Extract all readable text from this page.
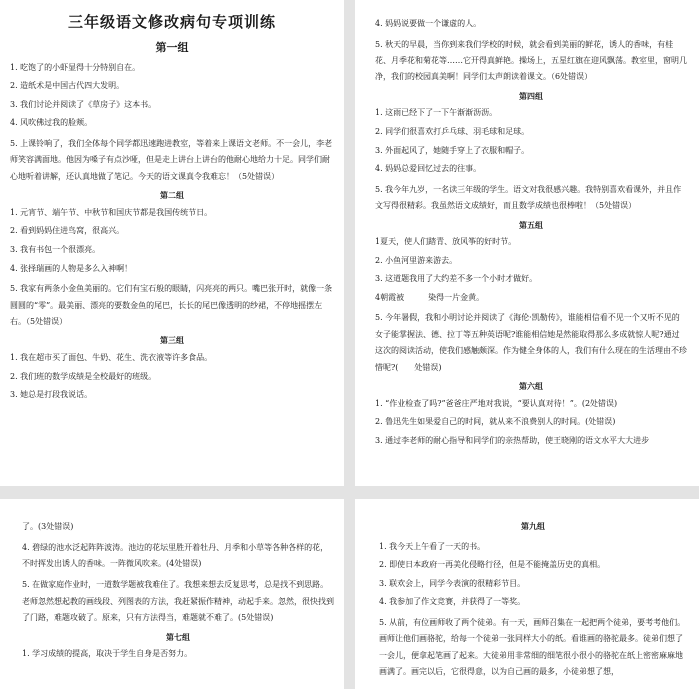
三年级语文修改病句专项训练
第一组
1. 吃饱了的小虾显得十分特别自在。
2. 造纸术是中国古代四大发明。
3. 我们讨论并阅读了《草房子》这本书。
4. 风吹佛过我的脸颊。
5. 上课铃响了，我们全体每个同学都迅速跑进教室，等着来上课语文老师。不一会儿，李老师笑容满面地。他因为嗓子有点沙哑，但是走上讲台上讲台的他耐心地给力十足。同学们耐心地听着讲解，还认真地做了笔记。今天的语文课真令我难忘！（5处错误）
第二组
1. 元宵节、端午节、中秋节和国庆节都是我国传统节日。
2. 看到妈妈住进鸟窝，很高兴。
3. 我有书包一个很漂亮。
4. 张择瑞画的人物是多么入神啊！
5. 我家有两条小金鱼美丽的。它们有宝石般的眼睛，闪亮亮的两只。嘴巴张开时，就像一条圆圆的“零”。最美丽、漂亮的要数金鱼的尾巴，长长的尾巴像透明的纱裙，不停地摇摆左右。（5处错误）
第三组
1. 我在超市买了面包、牛奶、花生、洗衣液等许多食品。
2. 我们班的数学成绩是全校最好的班级。
3. 她总是打段我说话。
4. 妈妈说要做一个谦虚的人。
5. 秋天的早晨，当你到来我们学校的时候，就会看到美丽的鲜花，诱人的香味，有桂花、月季花和菊花等……它开得真鲜艳。操场上，五星红旗在迎风飘荡。教室里，窗明几净，我们的校园真美啊！同学们太声朗读着课文。（6处错误）
第四组
1. 这雨已经下了一下午渐渐沥沥。
2. 同学们很喜欢打乒乓球、羽毛球和足球。
3. 外面起风了，她随手穿上了衣服和帽子。
4. 妈妈总爱回忆过去的往事。
5. 我今年九岁，一名读三年级的学生。语文对我很感兴趣。我特别喜欢看课外，并且作文写得很精彩。我虽然语文成绩好，而且数学成绩也很棒啦！（5处错误）
第五组
1夏天，使人们踏青、放风筝的好时节。
2. 小鱼河里游来游去。
3. 这道题我用了大约差不多一个小时才做好。
4朝霞被　　　染得一片金黄。
5. 今年暑假，我和小明讨论并阅读了《海伦·凯勒传》，谁能相信看不见一个又听不见的女子能掌握法、德、拉丁等五种英语呢?谁能相信她是然能取得那么多成就惊人呢?通过这次的阅读活动，使我们感触颇深。作为健全身体的人，我们有什么现在的生活理由不珍惜呢?(　　处错误)
第六组
1. “作业检查了吗?”爸爸庄严地对我说，“要认真对待！”。(2处错误)
2. 鲁迅先生如果爱自己的时间，就从来不浪费别人的时间。(处错误)
3. 通过李老师的耐心指导和同学们的亲热帮助，使王晓刚的语文水平大大进步
了。(3处错误)
4. 碧绿的池水泛起阵阵波涛。池边的花坛里胜开着牡丹、月季和小草等各种各样的花，不时挥发出诱人的香味。一阵微风吹来。(4处错误)
5. 在做家庭作业时，一道数学题被我难住了。我想来想去反复思考，总是找不到思路。老师忽然想起教的画线段、列图表的方法，我赶紧振作精神，动起手来。忽然，很快找到了门路，难题攻破了。原来，只有方法得当，难题就不难了。(5处错误)
第七组
1. 学习成绩的提高，取决于学生自身是否努力。
第九组
1. 我今天上午看了一天的书。
2. 即使日本政府一再美化侵略行径，但是不能掩盖历史的真相。
3. 联欢会上，同学今表演的很精彩节目。
4. 我参加了作文竞赛，并获得了一等奖。
5. 从前，有位画师收了两个徒弟。有一天，画师召集在一起把两个徒弟，要考考他们。画师让他们画骆驼，给每一个徒弟一张同样大小的纸。看谁画的骆驼最多。徒弟们想了一会儿，便拿起笔画了起来。大徒弟用非常细的细笔很小很小的骆驼在纸上密密麻麻地画满了。画完以后，它很得意，以为自己画的最多，小徒弟想了想，
